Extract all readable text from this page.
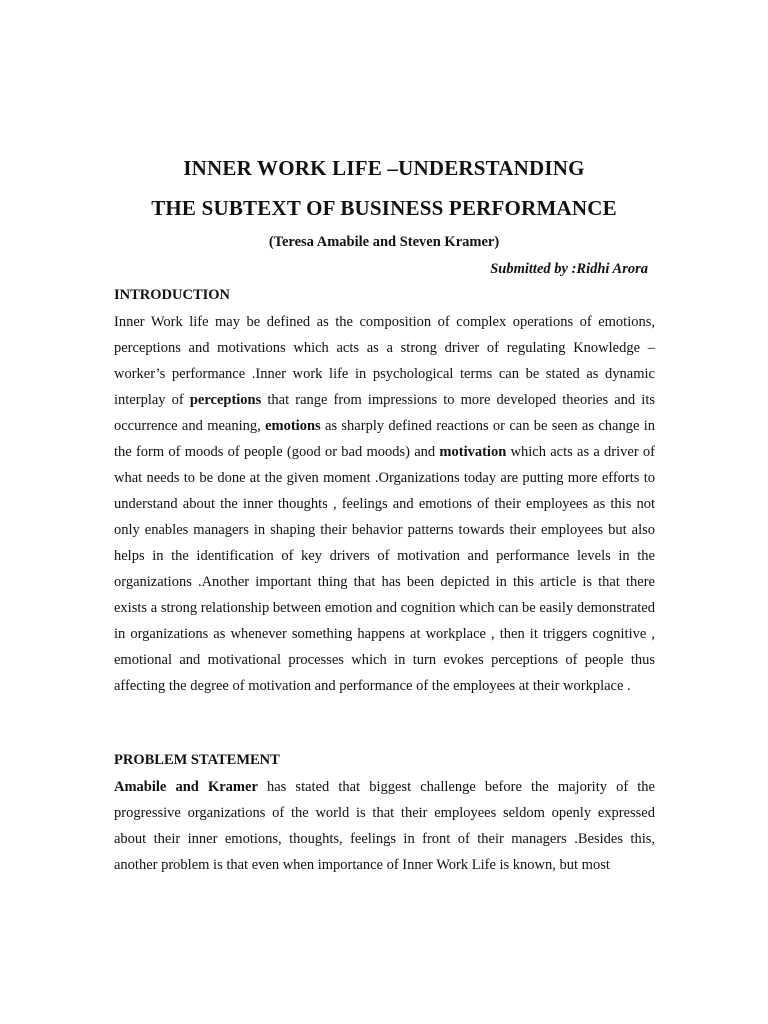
INNER WORK LIFE –UNDERSTANDING
THE SUBTEXT OF BUSINESS PERFORMANCE

(Teresa Amabile and Steven Kramer)

Submitted by :Ridhi Arora

INTRODUCTION

Inner Work life may be defined as the composition of complex operations of emotions, perceptions and motivations which acts as a strong driver of regulating Knowledge – worker’s performance .Inner work life in psychological terms can be stated as dynamic interplay of perceptions that range from impressions to more developed theories and its occurrence and meaning, emotions as sharply defined reactions or can be seen as change in the form of moods of people (good or bad moods) and motivation which acts as a driver of what needs to be done at the given moment .Organizations today are putting more efforts to understand about the inner thoughts , feelings and emotions of their employees as this not only enables managers in shaping their behavior patterns towards their employees but also helps in the identification of key drivers of motivation and performance levels in the organizations .Another important thing that has been depicted in this article is that there exists a strong relationship between emotion and cognition which can be easily demonstrated in organizations as whenever something happens at workplace , then it triggers cognitive , emotional and motivational processes which in turn evokes perceptions of people thus affecting the degree of motivation and performance of the employees at their workplace .

PROBLEM STATEMENT

Amabile and Kramer has stated that biggest challenge before the majority of the progressive organizations of the world is that their employees seldom openly expressed about their inner emotions, thoughts, feelings in front of their managers .Besides this, another problem is that even when importance of Inner Work Life is known, but most
